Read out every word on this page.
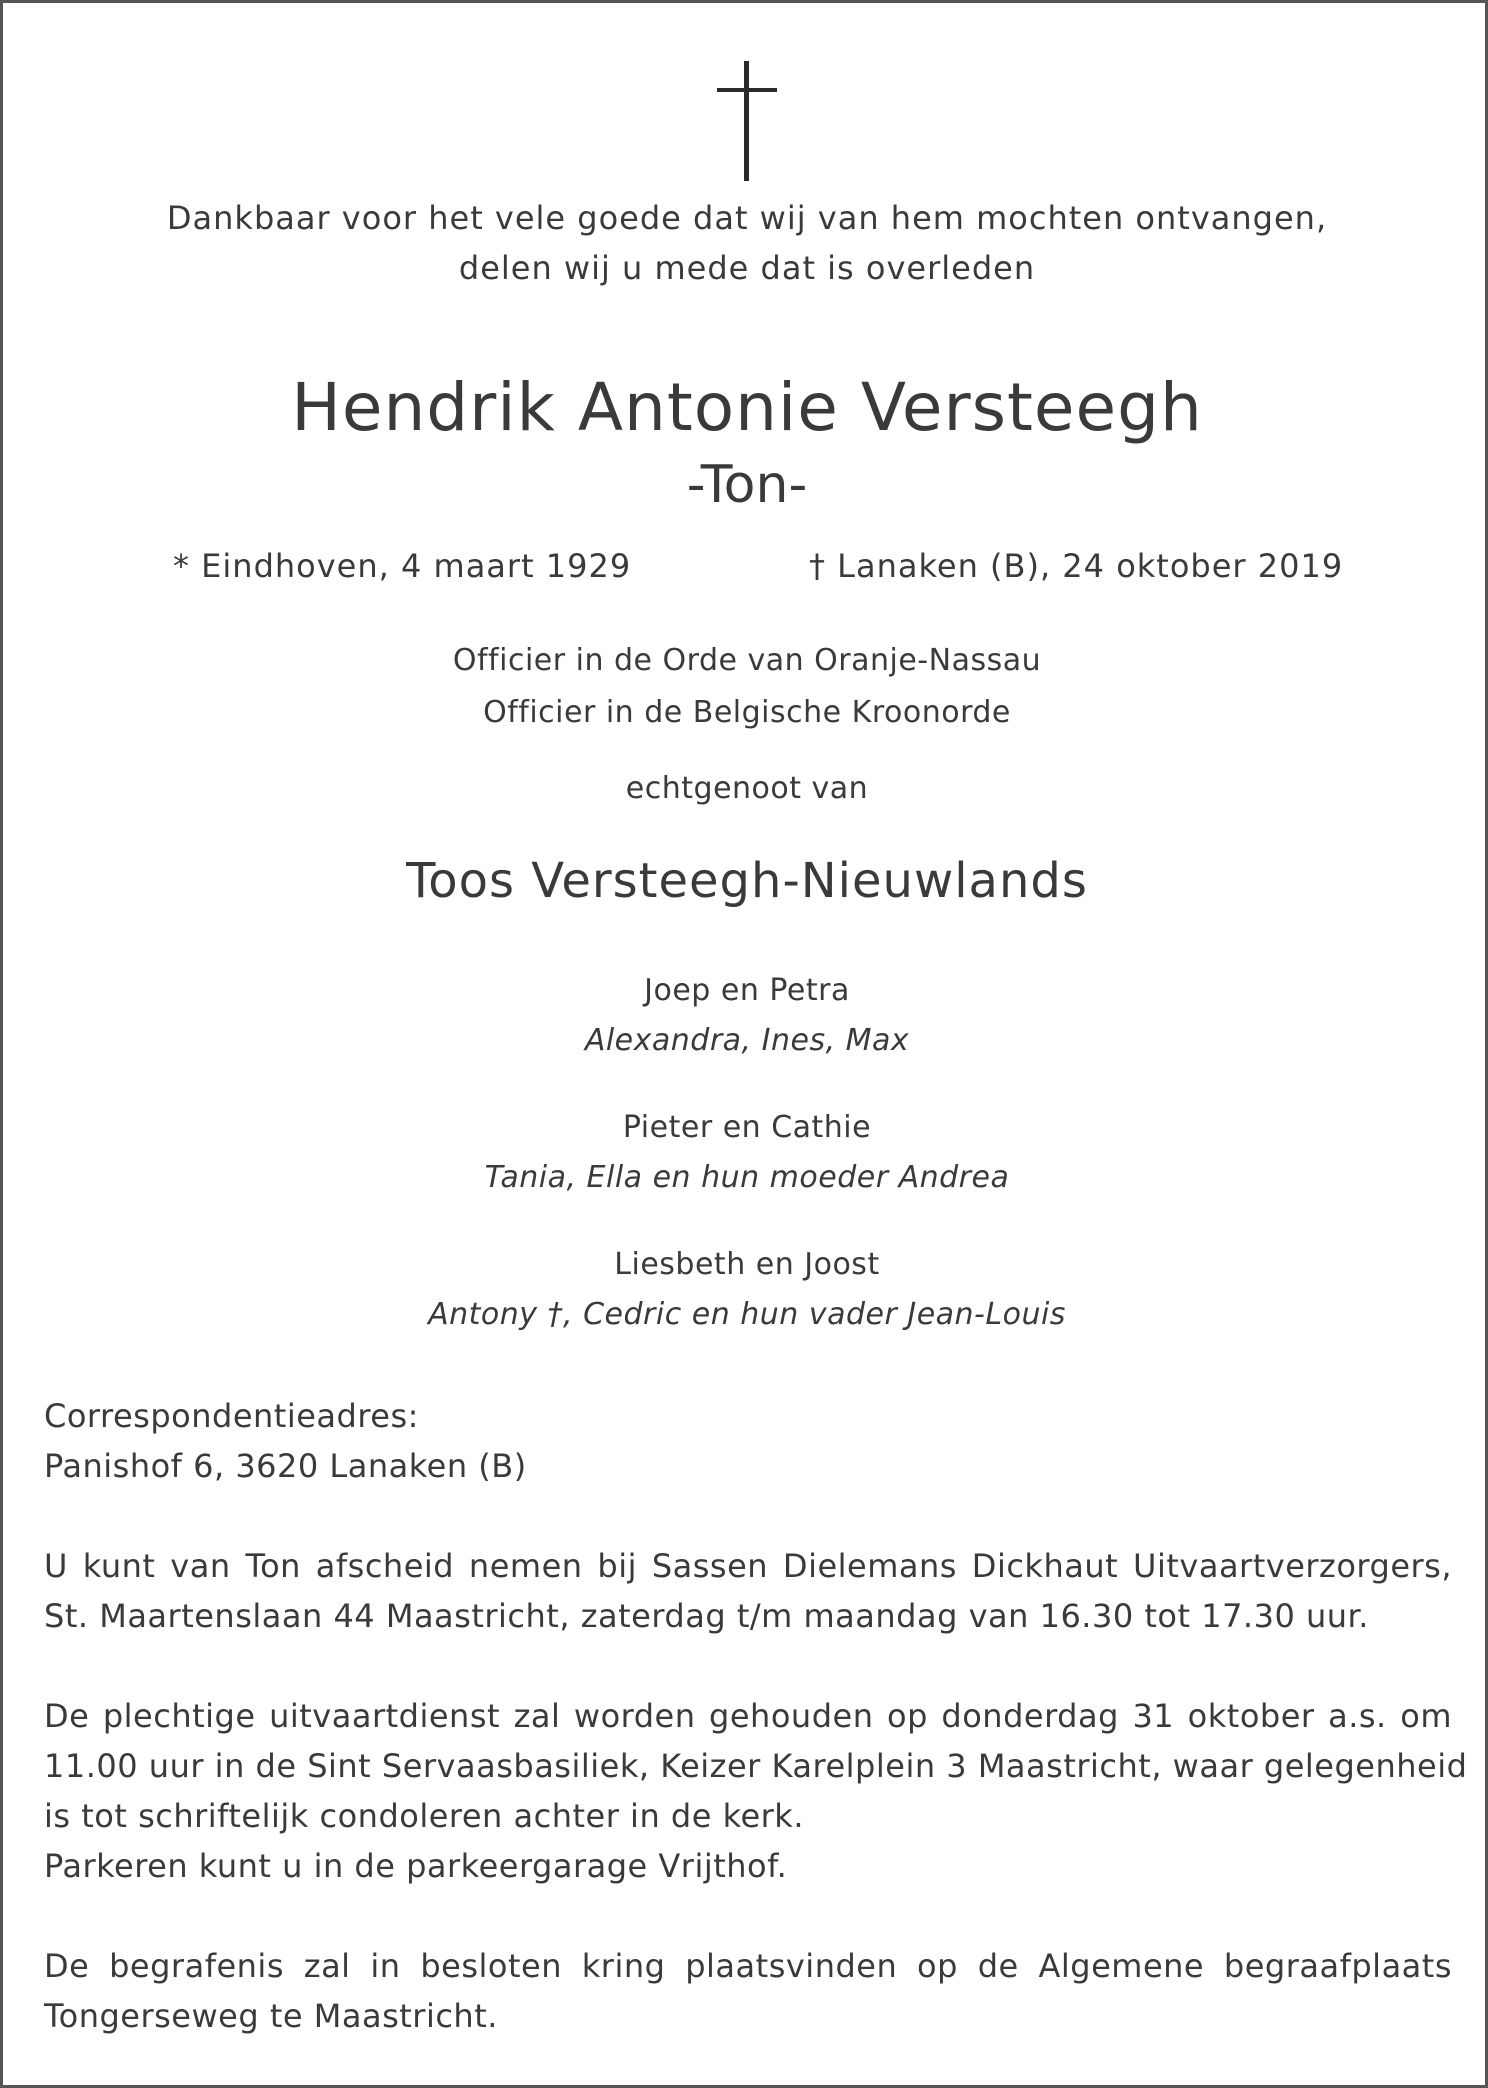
Dankbaar voor het vele goede dat wij van hem mochten ontvangen,
delen wij u mede dat is overleden
Hendrik Antonie Versteegh
-Ton-
* Eindhoven, 4 maart 1929	† Lanaken (B), 24 oktober 2019
Officier in de Orde van Oranje-Nassau
Officier in de Belgische Kroonorde
echtgenoot van
Toos Versteegh-Nieuwlands
Joep en Petra
Alexandra, Ines, Max
Pieter en Cathie
Tania, Ella en hun moeder Andrea
Liesbeth en Joost
Antony †, Cedric en hun vader Jean-Louis
Correspondentieadres:
Panishof 6, 3620 Lanaken (B)
U kunt van Ton afscheid nemen bij Sassen Dielemans Dickhaut Uitvaartverzorgers,
St. Maartenslaan 44 Maastricht, zaterdag t/m maandag van 16.30 tot 17.30 uur.
De plechtige uitvaartdienst zal worden gehouden op donderdag 31 oktober a.s. om
11.00 uur in de Sint Servaasbasiliek, Keizer Karelplein 3 Maastricht, waar gelegenheid
is tot schriftelijk condoleren achter in de kerk.
Parkeren kunt u in de parkeergarage Vrijthof.
De begrafenis zal in besloten kring plaatsvinden op de Algemene begraafplaats
Tongerseweg te Maastricht.
